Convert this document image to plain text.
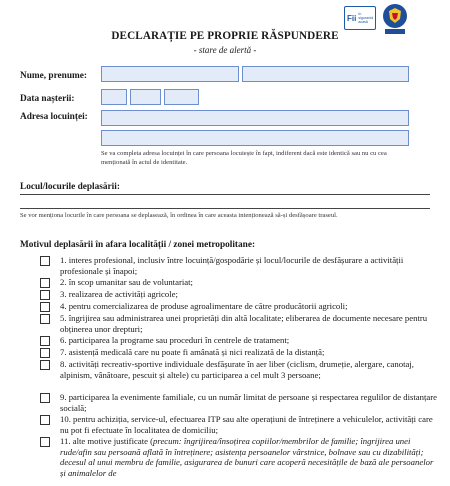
Fii în siguranță
acasă
DECLARAȚIE PE PROPRIE RĂSPUNDERE
- stare de alertă -
Nume, prenume:
Data nașterii:
Adresa locuinței:
Se va completa adresa locuinței în care persoana locuiește în fapt, indiferent dacă este identică sau nu cu cea menționată în actul de identitate.
Locul/locurile deplasării:
Se vor menționa locurile în care persoana se deplasează, în ordinea în care aceasta intenționează să-și desfășoare traseul.
Motivul deplasării în afara localității / zonei metropolitane:
1. interes profesional, inclusiv între locuință/gospodărie și locul/locurile de desfășurare a activității profesionale și înapoi;
2. în scop umanitar sau de voluntariat;
3. realizarea de activități agricole;
4. pentru comercializarea de produse agroalimentare de către producătorii agricoli;
5. îngrijirea sau administrarea unei proprietăți din altă localitate; eliberarea de documente necesare pentru obținerea unor drepturi;
6. participarea la programe sau proceduri în centrele de tratament;
7. asistență medicală care nu poate fi amânată și nici realizată de la distanță;
8. activități recreativ-sportive individuale desfășurate în aer liber (ciclism, drumeție, alergare, canotaj, alpinism, vânătoare, pescuit și altele) cu participarea a cel mult 3 persoane;
9. participarea la evenimente familiale, cu un număr limitat de persoane și respectarea regulilor de distanțare socială;
10. pentru achiziția, service-ul, efectuarea ITP sau alte operațiuni de întreținere a vehiculelor, activități care nu pot fi efectuate în localitatea de domiciliu;
11. alte motive justificate (precum: îngrijirea/însoțirea copiilor/membrilor de familie; îngrijirea unei rude/afin sau persoană aflată în întreținere; asistența persoanelor vârstnice, bolnave sau cu dizabilități; decesul al unui membru de familie, asigurarea de bunuri care acoperă necesitățile de bază ale persoanelor și animalelor de
